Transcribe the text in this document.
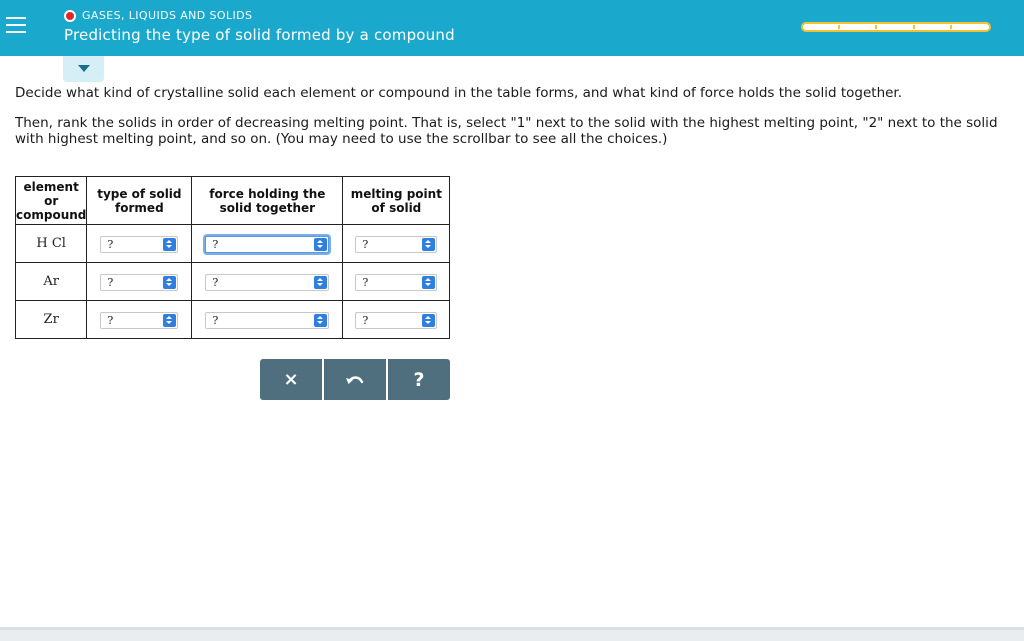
GASES, LIQUIDS AND SOLIDS
Predicting the type of solid formed by a compound

Decide what kind of crystalline solid each element or compound in the table forms, and what kind of force holds the solid together.

Then, rank the solids in order of decreasing melting point. That is, select "1" next to the solid with the highest melting point, "2" next to the solid with highest melting point, and so on. (You may need to use the scrollbar to see all the choices.)

element or compound	type of solid formed	force holding the solid together	melting point of solid
H Cl	?	?	?

Ar	?	?	?

Zr	?	?	?
×	?
